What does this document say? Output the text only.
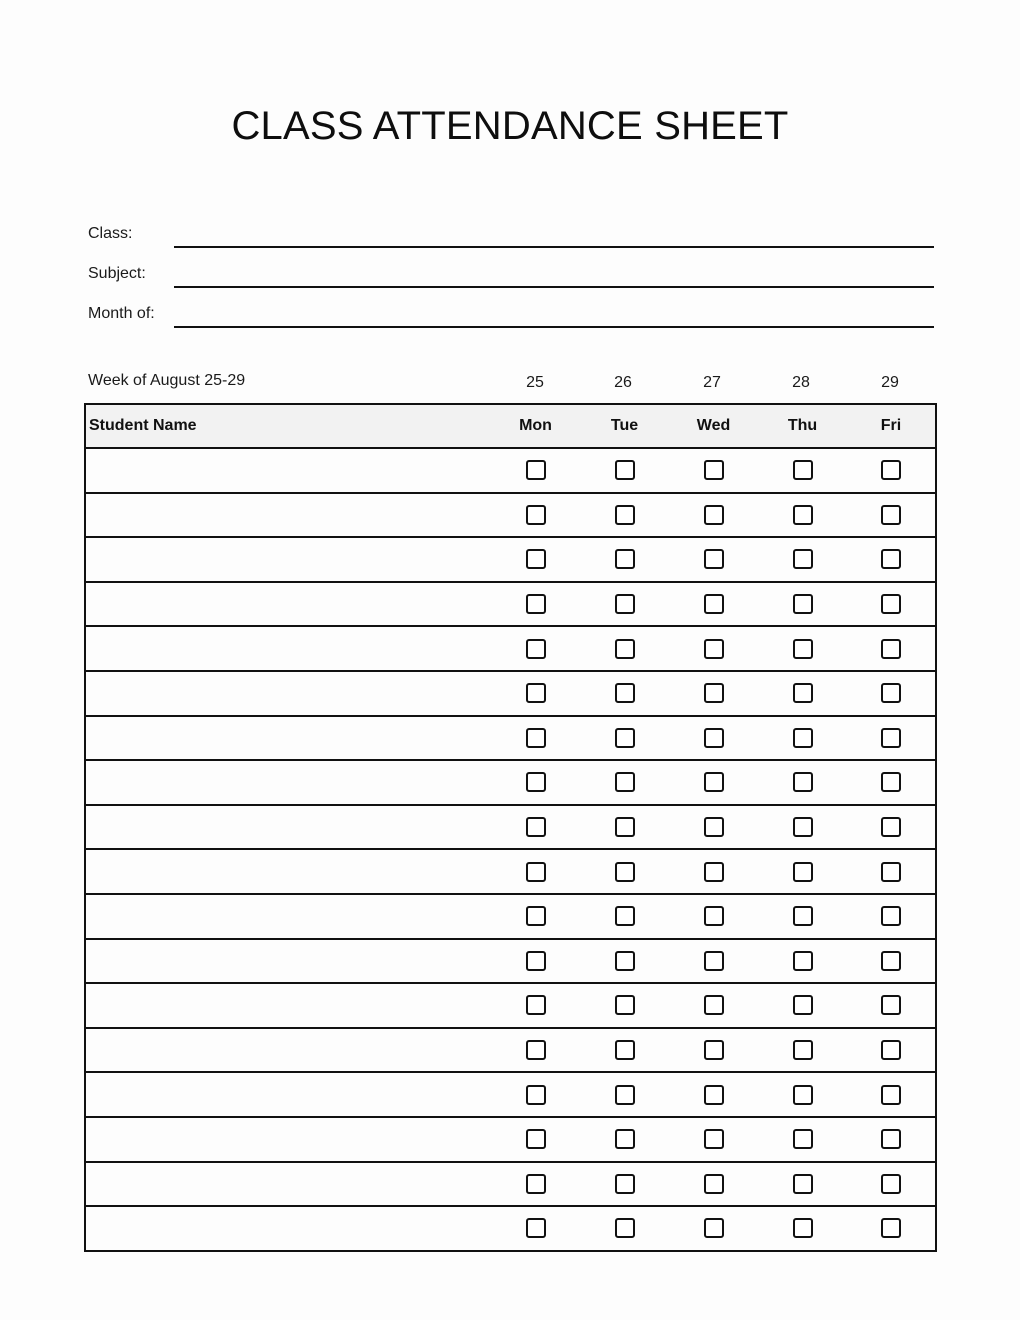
CLASS ATTENDANCE SHEET
Class:
Subject:
Month of:
Week of August 25-29	25	26	27	28	29
Student Name	Mon	Tue	Wed	Thu	Fri
